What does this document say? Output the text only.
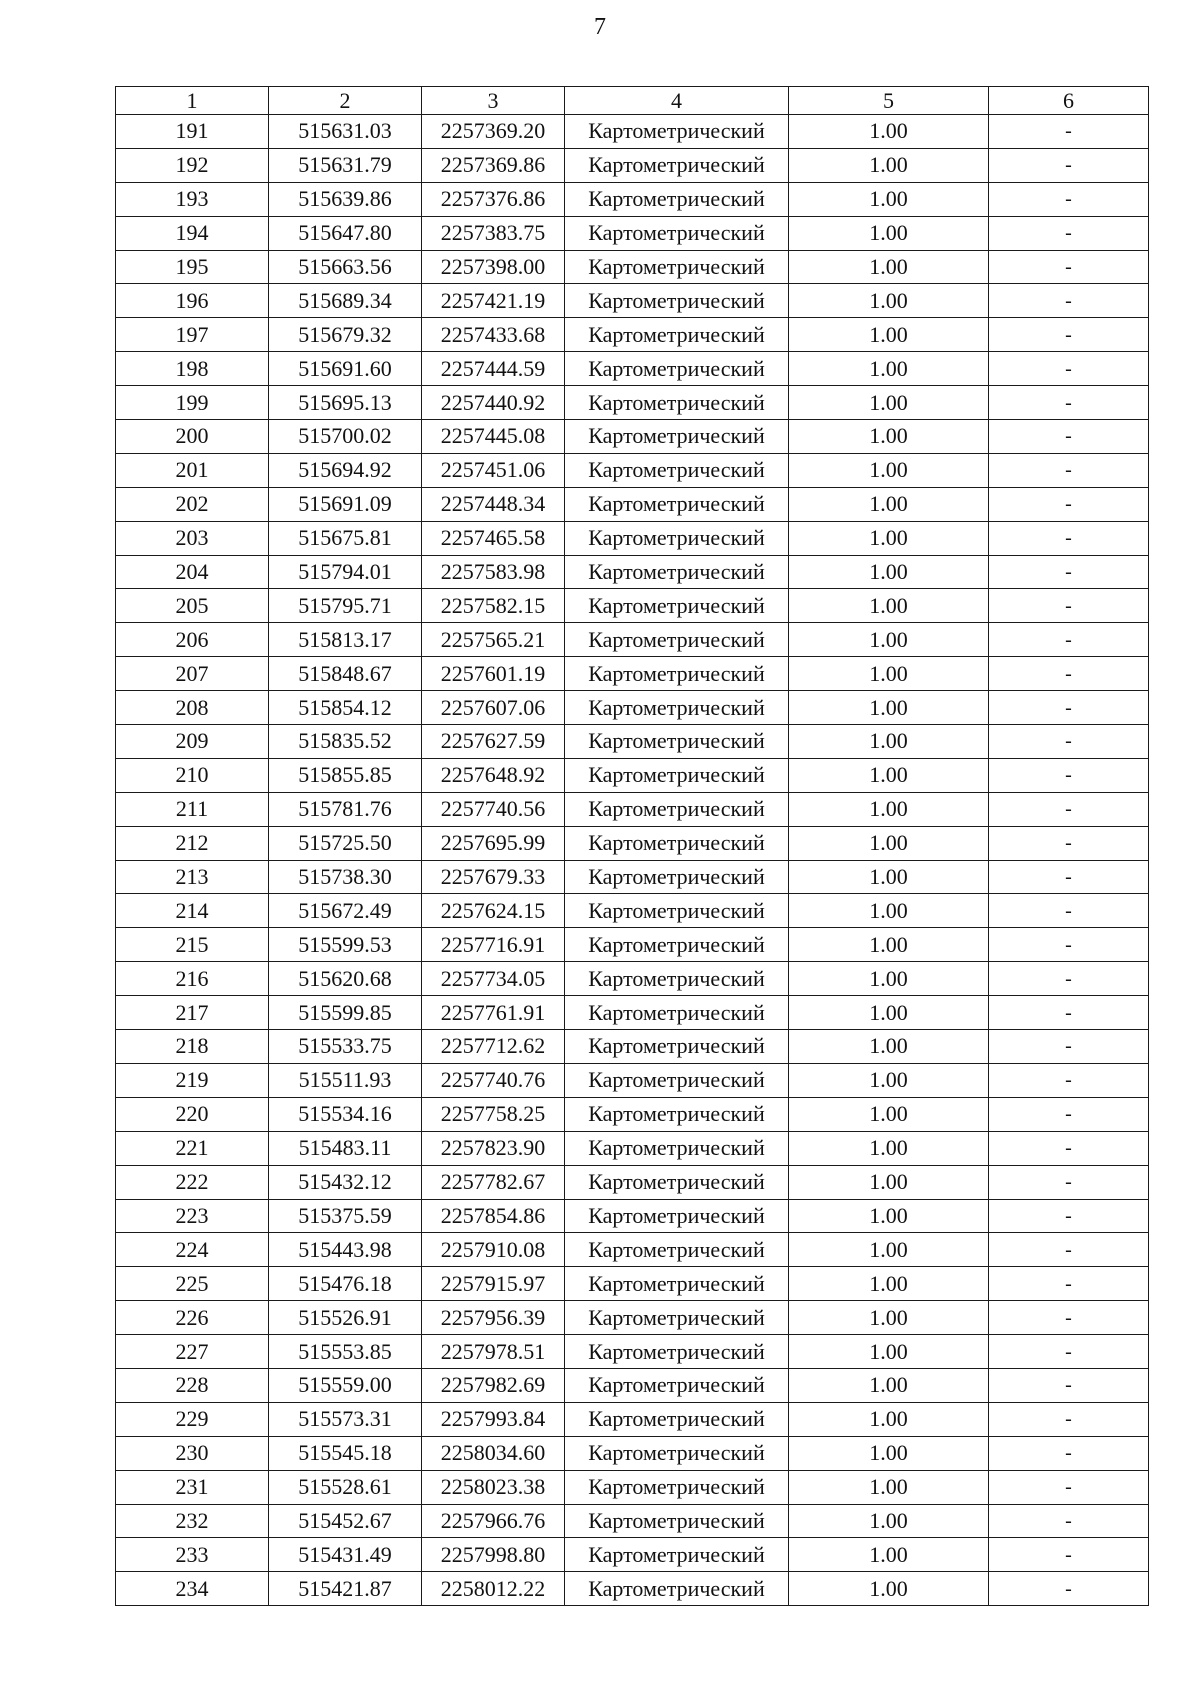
7
1	2	3	4	5	6
191	515631.03	2257369.20	Картометрический	1.00	-
192	515631.79	2257369.86	Картометрический	1.00	-
193	515639.86	2257376.86	Картометрический	1.00	-
194	515647.80	2257383.75	Картометрический	1.00	-
195	515663.56	2257398.00	Картометрический	1.00	-
196	515689.34	2257421.19	Картометрический	1.00	-
197	515679.32	2257433.68	Картометрический	1.00	-
198	515691.60	2257444.59	Картометрический	1.00	-
199	515695.13	2257440.92	Картометрический	1.00	-
200	515700.02	2257445.08	Картометрический	1.00	-
201	515694.92	2257451.06	Картометрический	1.00	-
202	515691.09	2257448.34	Картометрический	1.00	-
203	515675.81	2257465.58	Картометрический	1.00	-
204	515794.01	2257583.98	Картометрический	1.00	-
205	515795.71	2257582.15	Картометрический	1.00	-
206	515813.17	2257565.21	Картометрический	1.00	-
207	515848.67	2257601.19	Картометрический	1.00	-
208	515854.12	2257607.06	Картометрический	1.00	-
209	515835.52	2257627.59	Картометрический	1.00	-
210	515855.85	2257648.92	Картометрический	1.00	-
211	515781.76	2257740.56	Картометрический	1.00	-
212	515725.50	2257695.99	Картометрический	1.00	-
213	515738.30	2257679.33	Картометрический	1.00	-
214	515672.49	2257624.15	Картометрический	1.00	-
215	515599.53	2257716.91	Картометрический	1.00	-
216	515620.68	2257734.05	Картометрический	1.00	-
217	515599.85	2257761.91	Картометрический	1.00	-
218	515533.75	2257712.62	Картометрический	1.00	-
219	515511.93	2257740.76	Картометрический	1.00	-
220	515534.16	2257758.25	Картометрический	1.00	-
221	515483.11	2257823.90	Картометрический	1.00	-
222	515432.12	2257782.67	Картометрический	1.00	-
223	515375.59	2257854.86	Картометрический	1.00	-
224	515443.98	2257910.08	Картометрический	1.00	-
225	515476.18	2257915.97	Картометрический	1.00	-
226	515526.91	2257956.39	Картометрический	1.00	-
227	515553.85	2257978.51	Картометрический	1.00	-
228	515559.00	2257982.69	Картометрический	1.00	-
229	515573.31	2257993.84	Картометрический	1.00	-
230	515545.18	2258034.60	Картометрический	1.00	-
231	515528.61	2258023.38	Картометрический	1.00	-
232	515452.67	2257966.76	Картометрический	1.00	-
233	515431.49	2257998.80	Картометрический	1.00	-
234	515421.87	2258012.22	Картометрический	1.00	-
